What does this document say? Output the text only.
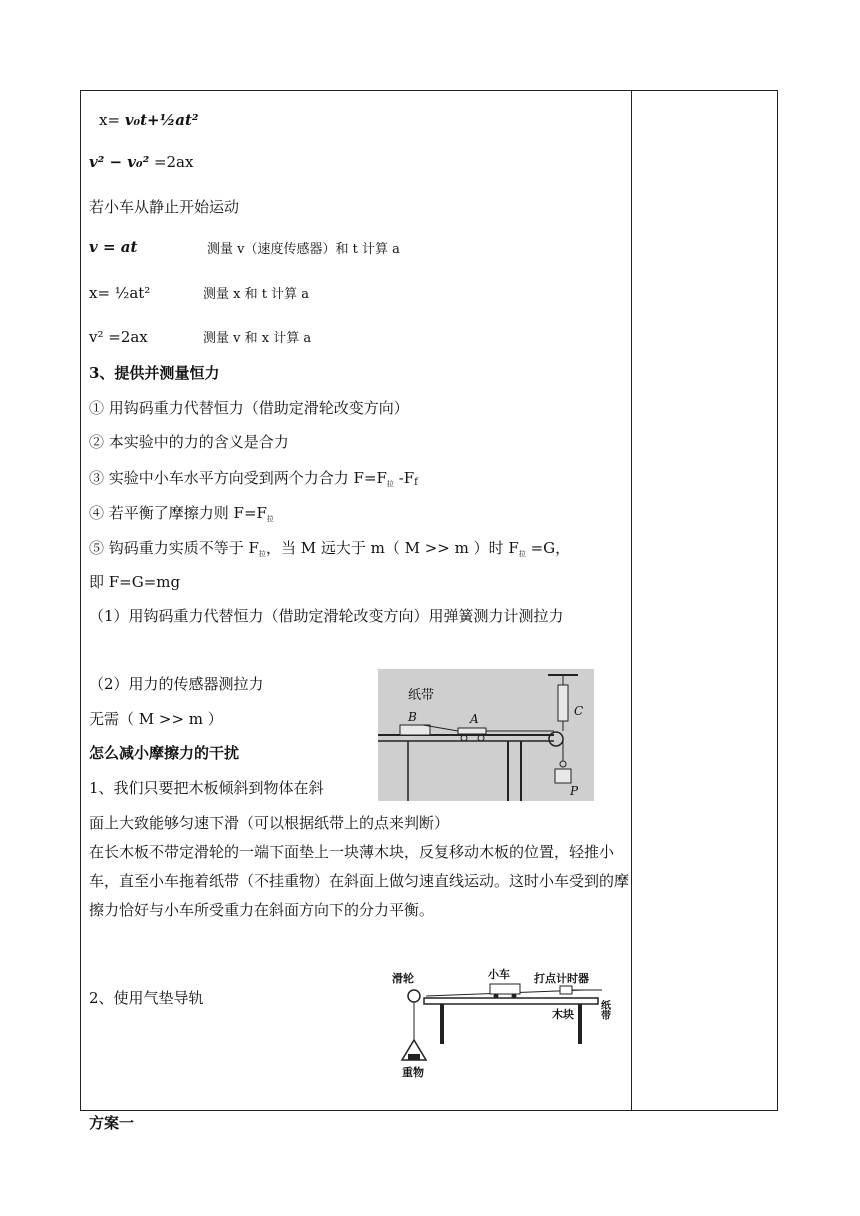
x= v₀t+½at²
v² − v₀² =2ax
若小车从静止开始运动
v = at	测量 v（速度传感器）和 t 计算 a
x= ½at²	测量 x 和 t 计算 a
v² =2ax	测量 v 和 x 计算 a
3、提供并测量恒力
① 用钩码重力代替恒力（借助定滑轮改变方向）
② 本实验中的力的含义是合力
③ 实验中小车水平方向受到两个力合力 $F=F_拉$ -Ff
④ 若平衡了摩擦力则 $F=F_拉$
⑤ 钩码重力实质不等于 $F_拉$，当 M 远大于 m（ M >> m ）时 $F_拉 =G$，
即 F=G=mg
（1）用钩码重力代替恒力（借助定滑轮改变方向）用弹簧测力计测拉力
（2）用力的传感器测拉力
无需（ M >> m ）
怎么减小摩擦力的干扰
1、我们只要把木板倾斜到物体在斜
面上大致能够匀速下滑（可以根据纸带上的点来判断）
在长木板不带定滑轮的一端下面垫上一块薄木块，反复移动木板的位置，轻推小车，直至小车拖着纸带（不挂重物）在斜面上做匀速直线运动。这时小车受到的摩擦力恰好与小车所受重力在斜面方向下的分力平衡。
2、使用气垫导轨
方案一
纸带
B	A
C
P
滑轮	小车 打点计时器
木块 纸带
重物
